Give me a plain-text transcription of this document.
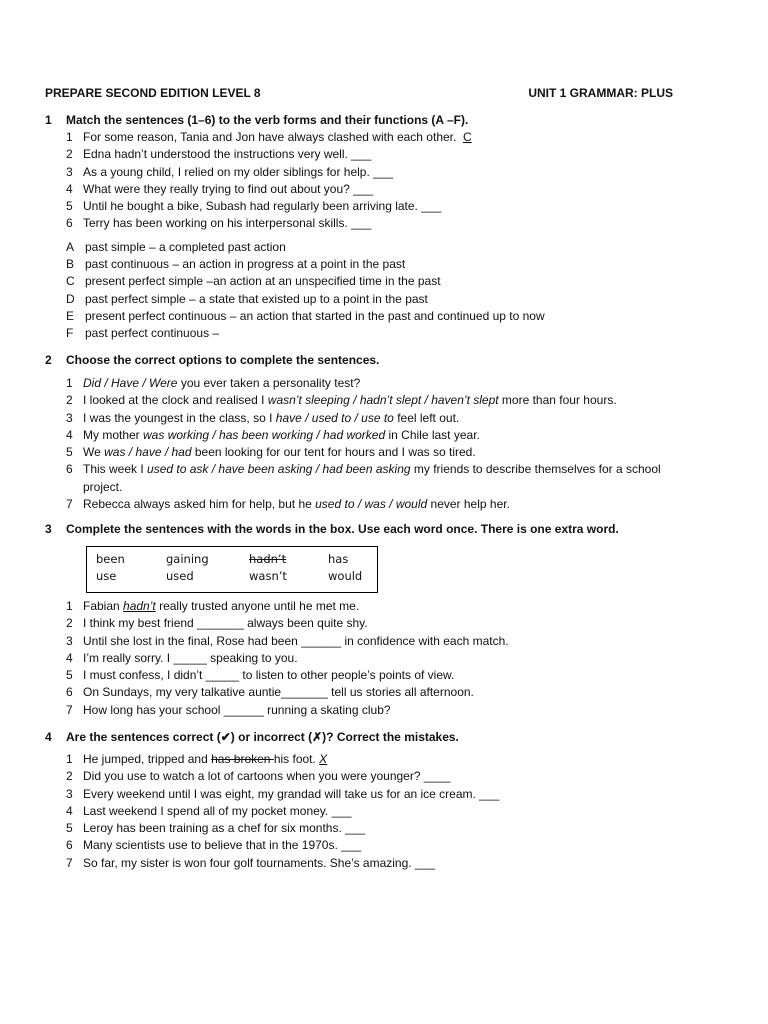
PREPARE SECOND EDITION LEVEL 8	UNIT 1 GRAMMAR: PLUS
1	Match the sentences (1–6) to the verb forms and their functions (A –F).
1 For some reason, Tania and Jon have always clashed with each other.  C
2 Edna hadn’t understood the instructions very well. ___
3 As a young child, I relied on my older siblings for help. ___
4 What were they really trying to find out about you? ___
5 Until he bought a bike, Subash had regularly been arriving late. ___
6 Terry has been working on his interpersonal skills. ___
A past simple – a completed past action
B past continuous – an action in progress at a point in the past
C present perfect simple –an action at an unspecified time in the past
D past perfect simple – a state that existed up to a point in the past
E present perfect continuous – an action that started in the past and continued up to now
F past perfect continuous –
2	Choose the correct options to complete the sentences.
1 Did / Have / Were you ever taken a personality test?
2 I looked at the clock and realised I wasn’t sleeping / hadn’t slept / haven’t slept more than four hours.
3 I was the youngest in the class, so I have / used to / use to feel left out.
4 My mother was working / has been working / had worked in Chile last year.
5 We was / have / had been looking for our tent for hours and I was so tired.
6 This week I used to ask / have been asking / had been asking my friends to describe themselves for a school
project.
7 Rebecca always asked him for help, but he used to / was / would never help her.
3	Complete the sentences with the words in the box. Use each word once. There is one extra word.
been	gaining	hadn’t	has
use	used	wasn’t	would
1 Fabian hadn’t really trusted anyone until he met me.
2 I think my best friend _______ always been quite shy.
3 Until she lost in the final, Rose had been ______ in confidence with each match.
4 I’m really sorry. I _____ speaking to you.
5 I must confess, I didn’t _____ to listen to other people’s points of view.
6 On Sundays, my very talkative auntie_______ tell us stories all afternoon.
7 How long has your school ______ running a skating club?
4	Are the sentences correct (✔) or incorrect (✗)? Correct the mistakes.
1 He jumped, tripped and has broken his foot. X
2 Did you use to watch a lot of cartoons when you were younger? ____
3 Every weekend until I was eight, my grandad will take us for an ice cream. ___
4 Last weekend I spend all of my pocket money. ___
5 Leroy has been training as a chef for six months. ___
6 Many scientists use to believe that in the 1970s. ___
7 So far, my sister is won four golf tournaments. She’s amazing. ___
